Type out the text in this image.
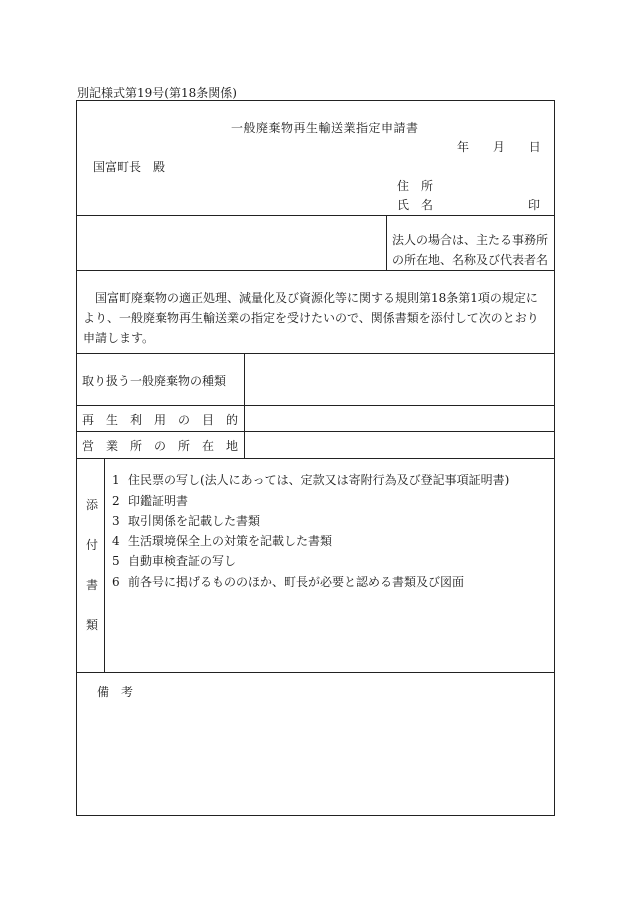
別記様式第19号(第18条関係)
一般廃棄物再生輸送業指定申請書
年 月 日
国富町長　殿
住　所
氏　名	印
法人の場合は、主たる事務所の所在地、名称及び代表者名
国富町廃棄物の適正処理、減量化及び資源化等に関する規則第18条第1項の規定により、一般廃棄物再生輸送業の指定を受けたいので、関係書類を添付して次のとおり申請します。
取り扱う一般廃棄物の種類
再　生　利　用　の　目　的
営　業　所　の　所　在　地
添付書類
1 住民票の写し(法人にあっては、定款又は寄附行為及び登記事項証明書)
2 印鑑証明書
3 取引関係を記載した書類
4 生活環境保全上の対策を記載した書類
5 自動車検査証の写し
6 前各号に掲げるもののほか、町長が必要と認める書類及び図面
備　考
